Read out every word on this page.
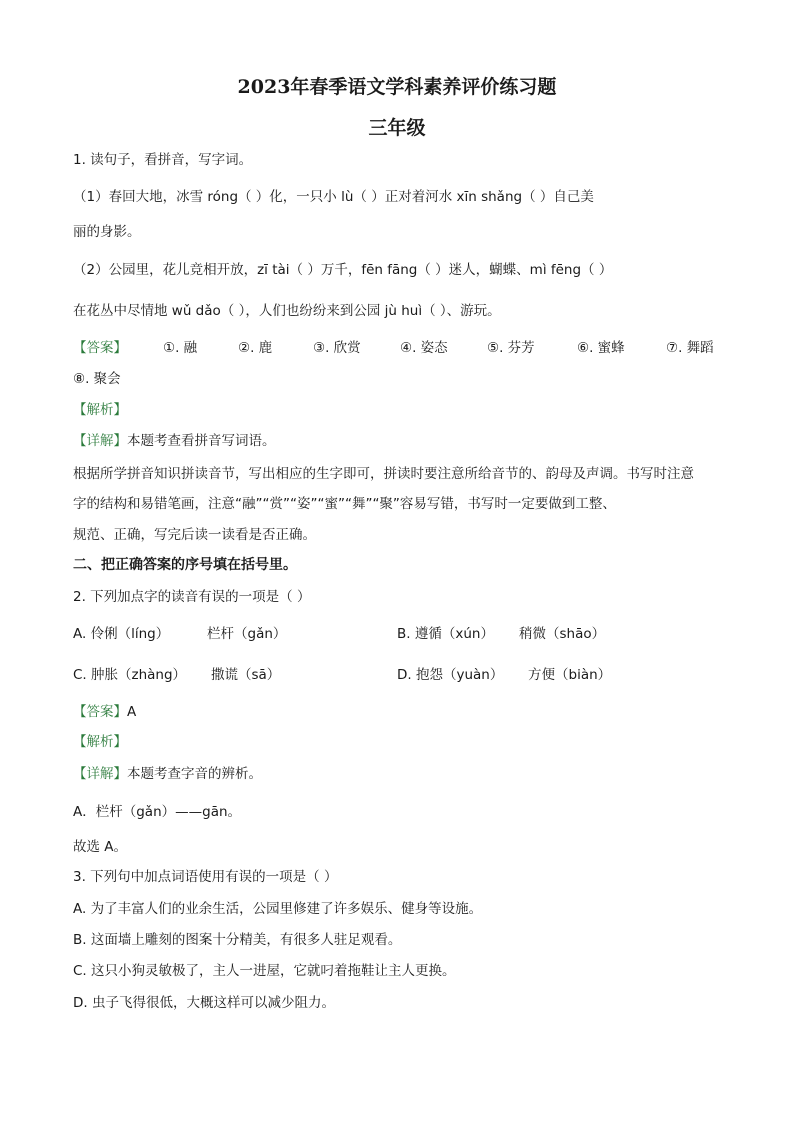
2023年春季语文学科素养评价练习题
三年级
1. 读句子，看拼音，写字词。
（1）春回大地，冰雪 róng（ ）化，一只小 lù（ ）正对着河水 xīn shǎng（ ）自己美
丽的身影。
（2）公园里，花儿竞相开放，zī tài（ ）万千，fēn fāng（ ）迷人，蝴蝶、mì fēng（ ）
在花丛中尽情地 wǔ dǎo（ ），人们也纷纷来到公园 jù huì（ ）、游玩。
【答案】	①. 融	②. 鹿	③. 欣赏	④. 姿态	⑤. 芬芳	⑥. 蜜蜂	⑦. 舞蹈
⑧. 聚会
【解析】
【详解】本题考查看拼音写词语。
根据所学拼音知识拼读音节，写出相应的生字即可，拼读时要注意所给音节的、韵母及声调。书写时注意
字的结构和易错笔画，注意“融”“赏”“姿”“蜜”“舞”“聚”容易写错，书写时一定要做到工整、
规范、正确，写完后读一读看是否正确。
二、把正确答案的序号填在括号里。
2. 下列加点字的读音有误的一项是（ ）
A. 伶俐（líng）	栏杆（gǎn）	B. 遵循（xún） 稍微（shāo）
C. 肿胀（zhàng） 撒谎（sā）	D. 抱怨（yuàn） 方便（biàn）
【答案】A
【解析】
【详解】本题考查字音的辨析。
A．栏杆（gǎn）——gān。
故选 A。
3. 下列句中加点词语使用有误的一项是（ ）
A. 为了丰富人们的业余生活，公园里修建了许多娱乐、健身等设施。
B. 这面墙上雕刻的图案十分精美，有很多人驻足观看。
C. 这只小狗灵敏极了，主人一进屋，它就叼着拖鞋让主人更换。
D. 虫子飞得很低，大概这样可以减少阻力。
